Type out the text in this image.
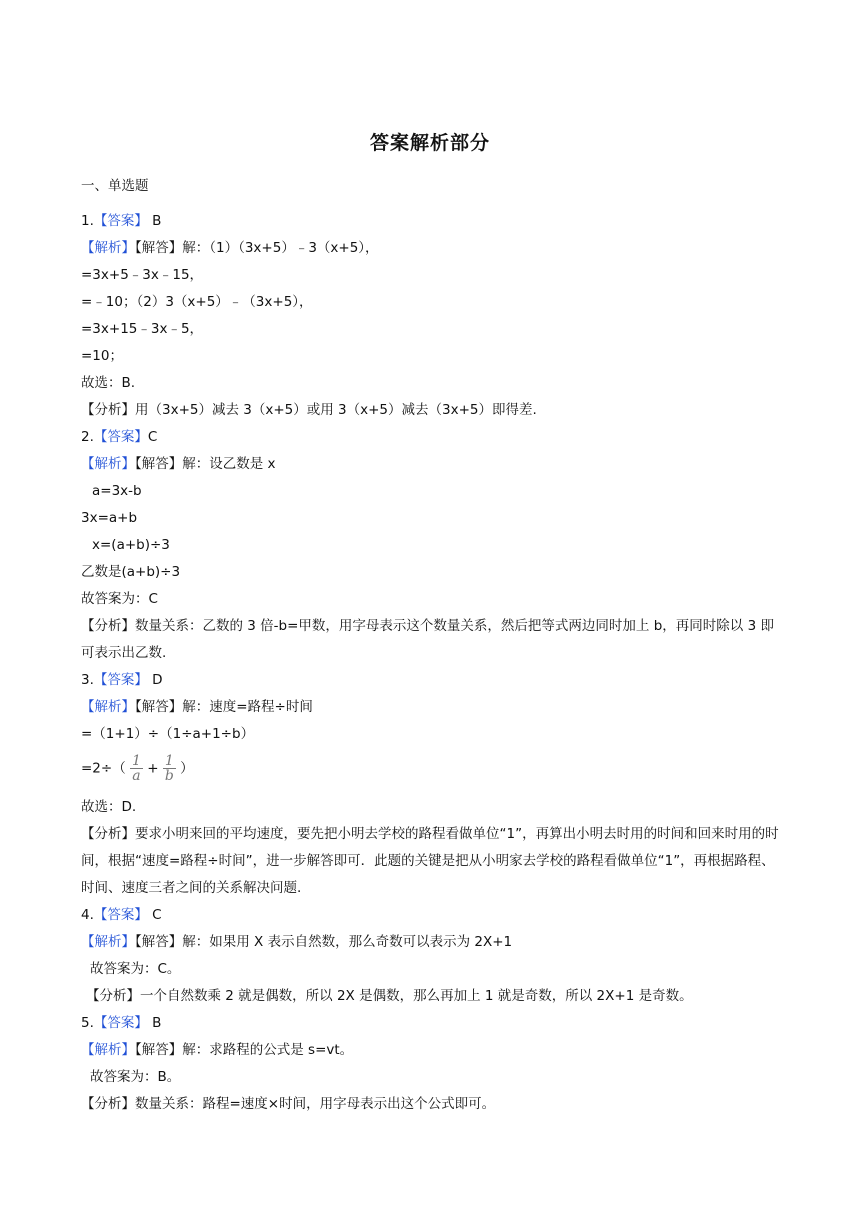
答案解析部分
一、单选题
1.【答案】 B
【解析】【解答】解：（1）（3x+5）﹣3（x+5），
=3x+5﹣3x﹣15，
=﹣10；（2）3（x+5）﹣（3x+5），
=3x+15﹣3x﹣5，
=10；
故选：B.
【分析】用（3x+5）减去 3（x+5）或用 3（x+5）减去（3x+5）即得差.
2.【答案】C
【解析】【解答】解：设乙数是 x
a=3x-b
3x=a+b
x=(a+b)÷3
乙数是(a+b)÷3
故答案为：C
【分析】数量关系：乙数的 3 倍-b=甲数，用字母表示这个数量关系，然后把等式两边同时加上 b，再同时除以 3 即可表示出乙数.
3.【答案】 D
【解析】【解答】解：速度=路程÷时间
=（1+1）÷（1÷a+1÷b）
$=2\div( \frac{1}{a} + \frac{1}{b}$ ）
故选：D.
【分析】要求小明来回的平均速度，要先把小明去学校的路程看做单位“1”，再算出小明去时用的时间和回来时用的时间，根据“速度=路程÷时间”，进一步解答即可．此题的关键是把从小明家去学校的路程看做单位“1”，再根据路程、时间、速度三者之间的关系解决问题.
4.【答案】 C
【解析】【解答】解：如果用 X 表示自然数，那么奇数可以表示为 2X+1
故答案为：C。
【分析】一个自然数乘 2 就是偶数，所以 2X 是偶数，那么再加上 1 就是奇数，所以 2X+1 是奇数。
5.【答案】 B
【解析】【解答】解：求路程的公式是 s=vt。
故答案为：B。
【分析】数量关系：路程=速度×时间，用字母表示出这个公式即可。
